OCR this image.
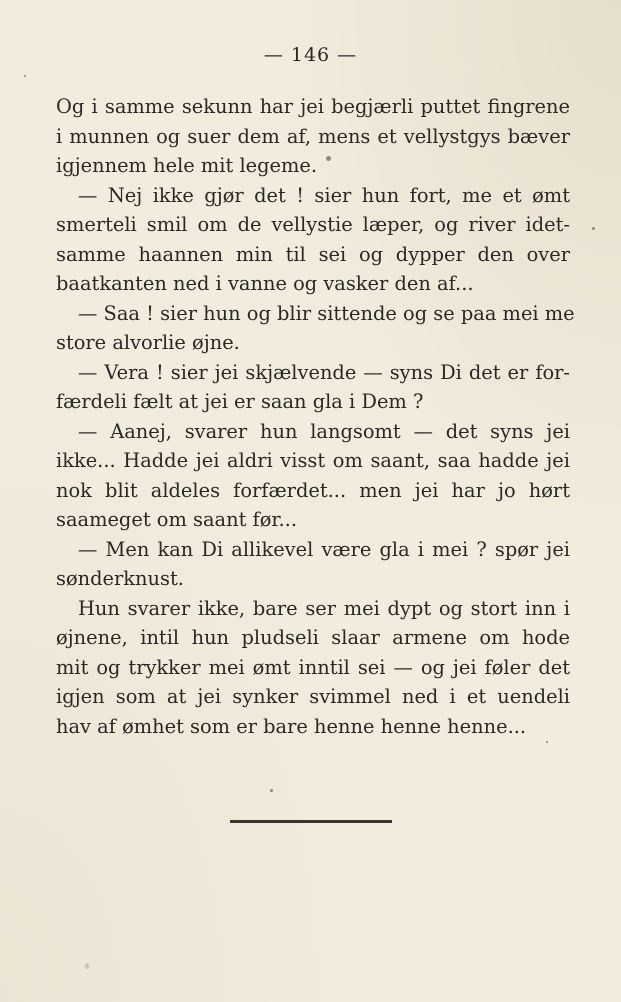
— 146 —
Og i samme sekunn har jei begjærli puttet fingrene
i munnen og suer dem af, mens et vellystgys bæver
igjennem hele mit legeme.
— Nej ikke gjør det ! sier hun fort, me et ømt
smerteli smil om de vellystie læper, og river idet-
samme haannen min til sei og dypper den over
baatkanten ned i vanne og vasker den af...
— Saa ! sier hun og blir sittende og se paa mei me
store alvorlie øjne.
— Vera ! sier jei skjælvende — syns Di det er for-
færdeli fælt at jei er saan gla i Dem ?
— Aanej, svarer hun langsomt — det syns jei
ikke... Hadde jei aldri visst om saant, saa hadde jei
nok blit aldeles forfærdet... men jei har jo hørt
saameget om saant før...
— Men kan Di allikevel være gla i mei ? spør jei
sønderknust.
Hun svarer ikke, bare ser mei dypt og stort inn i
øjnene, intil hun pludseli slaar armene om hode
mit og trykker mei ømt inntil sei — og jei føler det
igjen som at jei synker svimmel ned i et uendeli
hav af ømhet som er bare henne henne henne...
